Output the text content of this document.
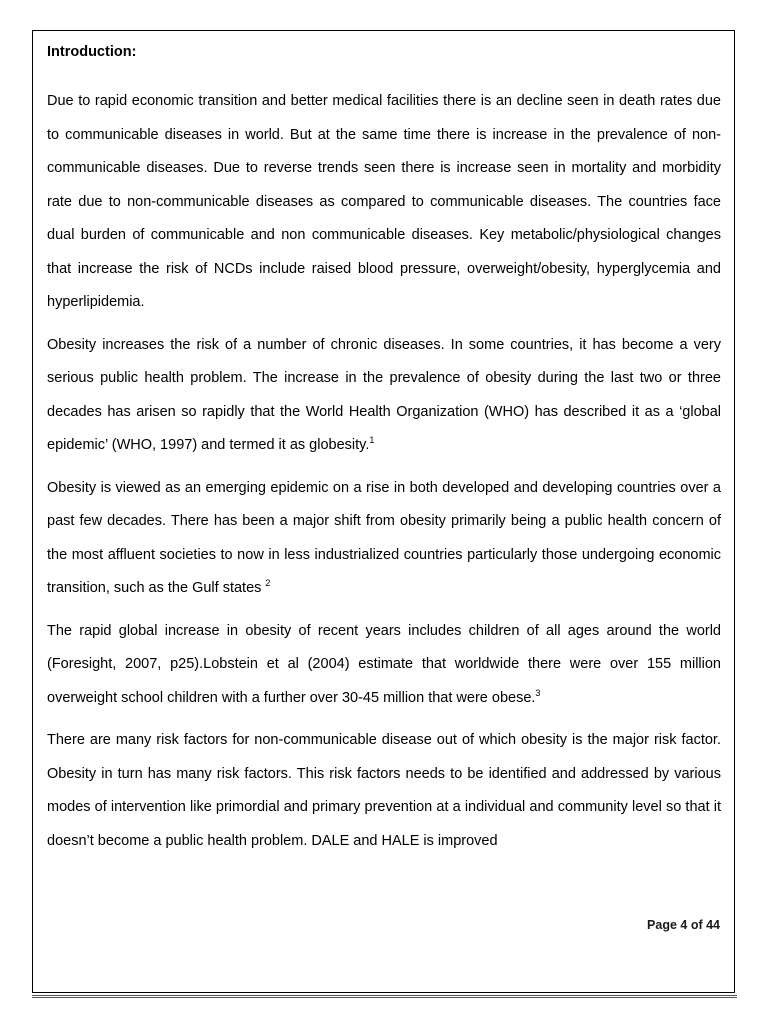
Introduction:

Due to rapid economic transition and better medical facilities there is an decline seen in death rates due to communicable diseases in world. But at the same time there is increase in the prevalence of non-communicable diseases. Due to reverse trends seen there is increase seen in mortality and morbidity rate due to non-communicable diseases as compared to communicable diseases. The countries face dual burden of communicable and non communicable diseases. Key metabolic/physiological changes that increase the risk of NCDs include raised blood pressure, overweight/obesity, hyperglycemia and hyperlipidemia.

Obesity increases the risk of a number of chronic diseases. In some countries, it has become a very serious public health problem. The increase in the prevalence of obesity during the last two or three decades has arisen so rapidly that the World Health Organization (WHO) has described it as a ‘global epidemic’ (WHO, 1997) and termed it as globesity.$^1$

Obesity is viewed as an emerging epidemic on a rise in both developed and developing countries over a past few decades. There has been a major shift from obesity primarily being a public health concern of the most affluent societies to now in less industrialized countries particularly those undergoing economic transition, such as the Gulf states $^2$

The rapid global increase in obesity of recent years includes children of all ages around the world (Foresight, 2007, p25).Lobstein et al (2004) estimate that worldwide there were over 155 million overweight school children with a further over 30-45 million that were obese.$^3$

There are many risk factors for non-communicable disease out of which obesity is the major risk factor. Obesity in turn has many risk factors. This risk factors needs to be identified and addressed by various modes of intervention like primordial and primary prevention at a individual and community level so that it doesn’t become a public health problem. DALE and HALE is improved

Page 4 of 44
